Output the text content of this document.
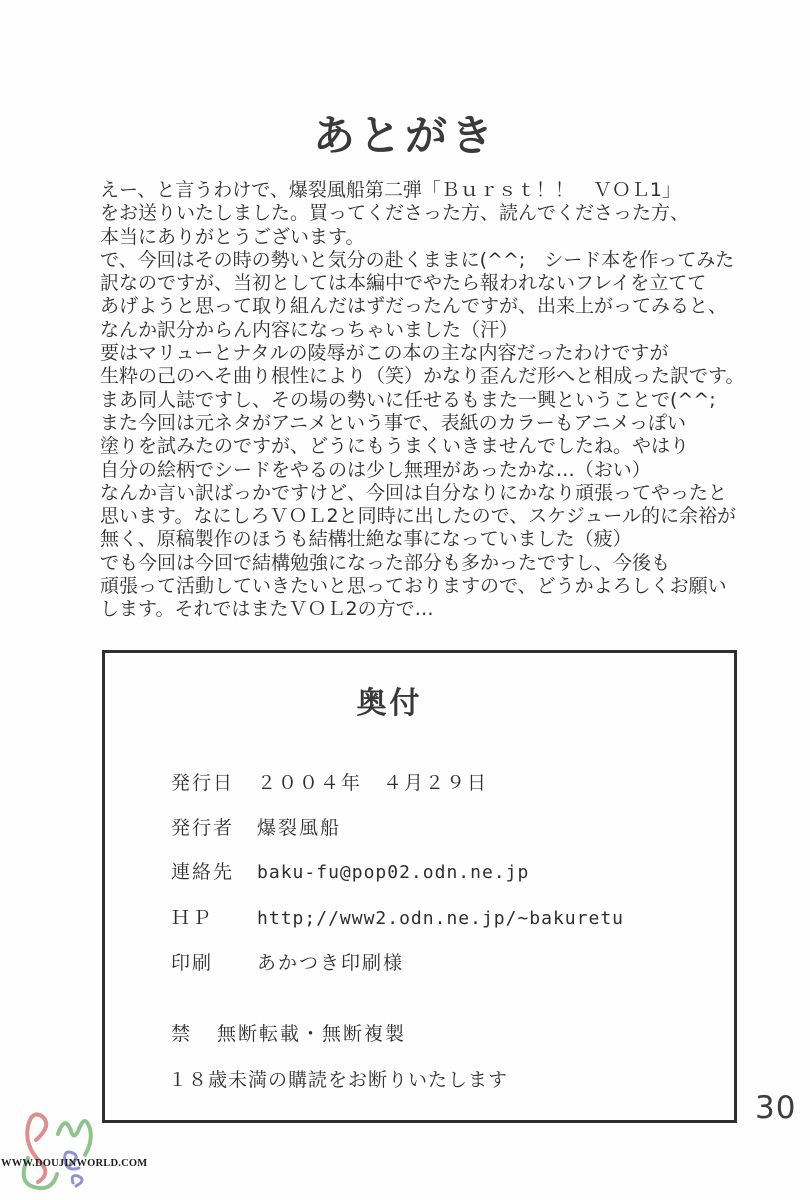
あとがき
えー、と言うわけで、爆裂風船第二弾「Ｂｕｒｓｔ！！　ＶＯＬ1」
をお送りいたしました。買ってくださった方、読んでくださった方、
本当にありがとうございます。
で、今回はその時の勢いと気分の赴くままに(^^;　シード本を作ってみた
訳なのですが、当初としては本編中でやたら報われないフレイを立てて
あげようと思って取り組んだはずだったんですが、出来上がってみると、
なんか訳分からん内容になっちゃいました（汗）
要はマリューとナタルの陵辱がこの本の主な内容だったわけですが
生粋の己のへそ曲り根性により（笑）かなり歪んだ形へと相成った訳です。
まあ同人誌ですし、その場の勢いに任せるもまた一興ということで(^^;
また今回は元ネタがアニメという事で、表紙のカラーもアニメっぽい
塗りを試みたのですが、どうにもうまくいきませんでしたね。やはり
自分の絵柄でシードをやるのは少し無理があったかな…（おい）
なんか言い訳ばっかですけど、今回は自分なりにかなり頑張ってやったと
思います。なにしろＶＯＬ2と同時に出したので、スケジュール的に余裕が
無く、原稿製作のほうも結構壮絶な事になっていました（疲）
でも今回は今回で結構勉強になった部分も多かったですし、今後も
頑張って活動していきたいと思っておりますので、どうかよろしくお願い
します。それではまたＶＯＬ2の方で…
奥付
発行日 ２００４年　４月２９日
発行者 爆裂風船
連絡先 baku-fu@pop02.odn.ne.jp
ＨＰ http;//www2.odn.ne.jp/~bakuretu
印刷 あかつき印刷様
禁 無断転載・無断複製
１８歳未満の購読をお断りいたします
30
WWW.DOUJINWORLD.COM
